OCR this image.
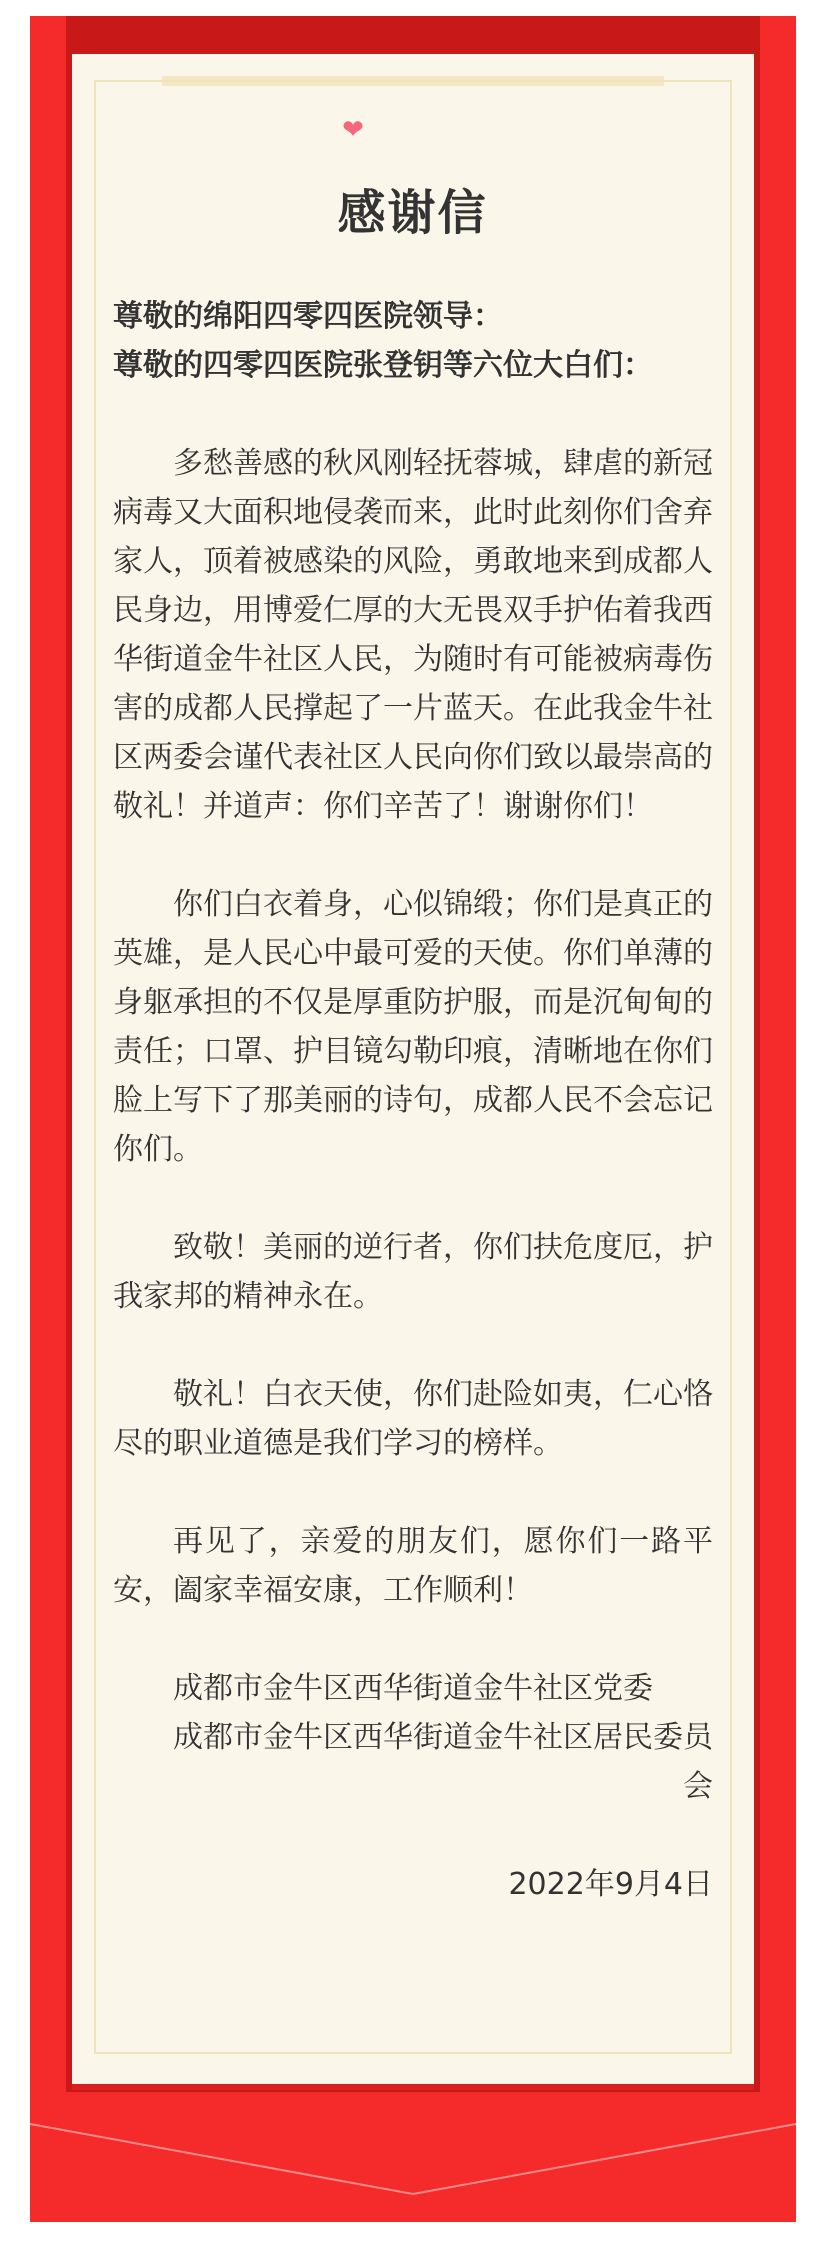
❤
感谢信

尊敬的绵阳四零四医院领导：

尊敬的四零四医院张登钥等六位大白们：

多愁善感的秋风刚轻抚蓉城，肆虐的新冠病毒又大面积地侵袭而来，此时此刻你们舍弃家人，顶着被感染的风险，勇敢地来到成都人民身边，用博爱仁厚的大无畏双手护佑着我西华街道金牛社区人民，为随时有可能被病毒伤害的成都人民撑起了一片蓝天。在此我金牛社区两委会谨代表社区人民向你们致以最崇高的敬礼！并道声：你们辛苦了！谢谢你们！

你们白衣着身，心似锦缎；你们是真正的英雄，是人民心中最可爱的天使。你们单薄的身躯承担的不仅是厚重防护服，而是沉甸甸的责任；口罩、护目镜勾勒印痕，清晰地在你们脸上写下了那美丽的诗句，成都人民不会忘记你们。

致敬！美丽的逆行者，你们扶危度厄，护我家邦的精神永在。

敬礼！白衣天使，你们赴险如夷，仁心恪尽的职业道德是我们学习的榜样。

再见了，亲爱的朋友们，愿你们一路平安，阖家幸福安康，工作顺利！

成都市金牛区西华街道金牛社区党委

成都市金牛区西华街道金牛社区居民委员会

2022年9月4日
